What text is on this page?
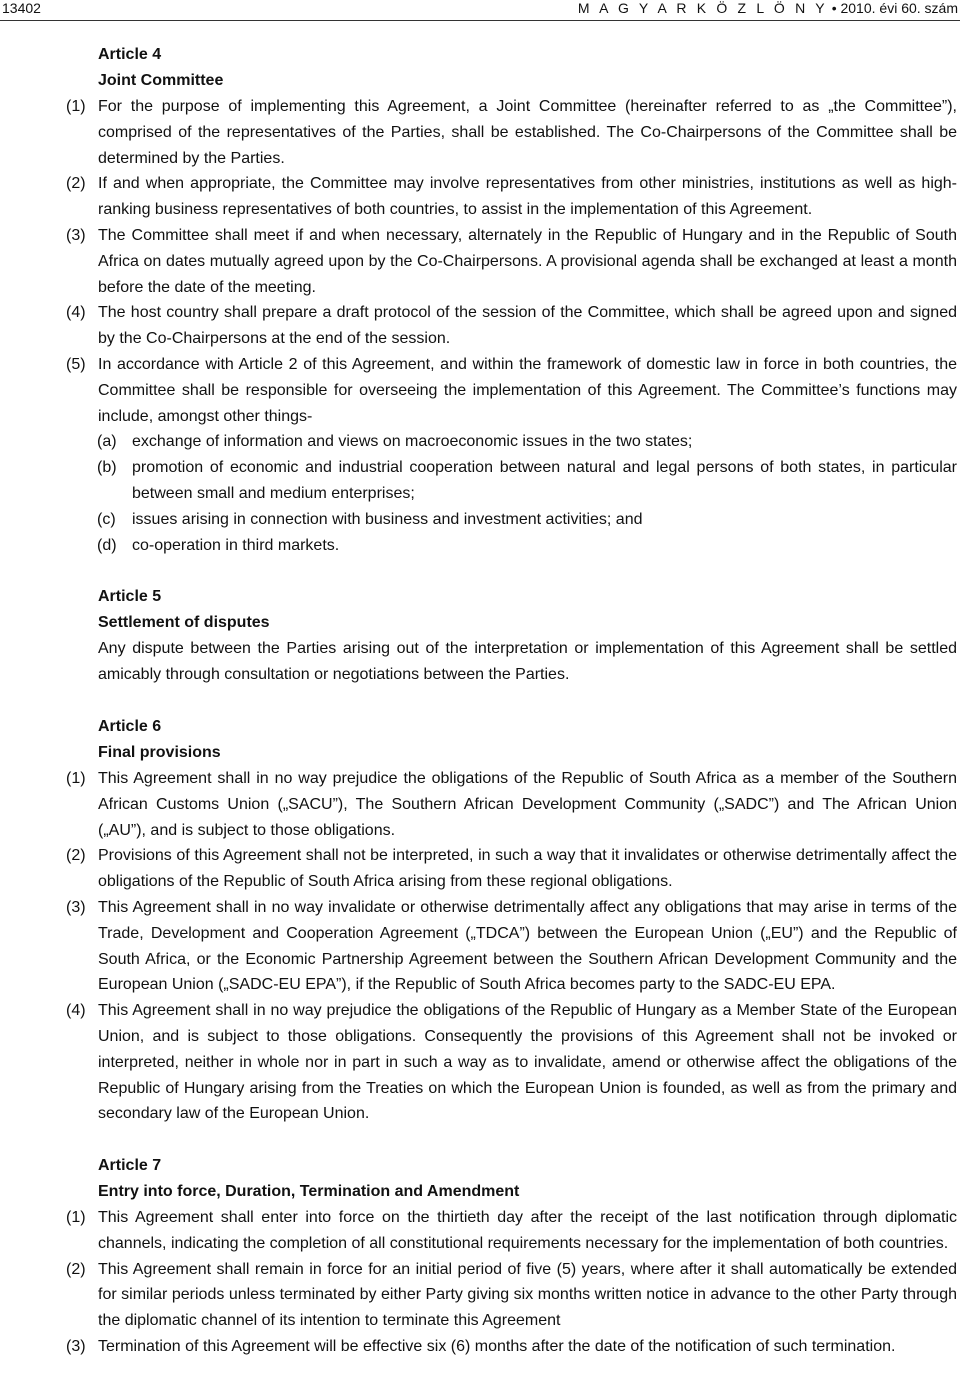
13402	M A G Y A R K Ö Z L Ö N Y • 2010. évi 60. szám
Article 4
Joint Committee
(1) For the purpose of implementing this Agreement, a Joint Committee (hereinafter referred to as „the Committee”), comprised of the representatives of the Parties, shall be established. The Co-Chairpersons of the Committee shall be determined by the Parties.
(2) If and when appropriate, the Committee may involve representatives from other ministries, institutions as well as high-ranking business representatives of both countries, to assist in the implementation of this Agreement.
(3) The Committee shall meet if and when necessary, alternately in the Republic of Hungary and in the Republic of South Africa on dates mutually agreed upon by the Co-Chairpersons. A provisional agenda shall be exchanged at least a month before the date of the meeting.
(4) The host country shall prepare a draft protocol of the session of the Committee, which shall be agreed upon and signed by the Co-Chairpersons at the end of the session.
(5) In accordance with Article 2 of this Agreement, and within the framework of domestic law in force in both countries, the Committee shall be responsible for overseeing the implementation of this Agreement. The Committee’s functions may include, amongst other things-
(a) exchange of information and views on macroeconomic issues in the two states;
(b) promotion of economic and industrial cooperation between natural and legal persons of both states, in particular between small and medium enterprises;
(c) issues arising in connection with business and investment activities; and
(d) co-operation in third markets.
Article 5
Settlement of disputes
Any dispute between the Parties arising out of the interpretation or implementation of this Agreement shall be settled amicably through consultation or negotiations between the Parties.
Article 6
Final provisions
(1) This Agreement shall in no way prejudice the obligations of the Republic of South Africa as a member of the Southern African Customs Union („SACU”), The Southern African Development Community („SADC”) and The African Union („AU”), and is subject to those obligations.
(2) Provisions of this Agreement shall not be interpreted, in such a way that it invalidates or otherwise detrimentally affect the obligations of the Republic of South Africa arising from these regional obligations.
(3) This Agreement shall in no way invalidate or otherwise detrimentally affect any obligations that may arise in terms of the Trade, Development and Cooperation Agreement („TDCA”) between the European Union („EU”) and the Republic of South Africa, or the Economic Partnership Agreement between the Southern African Development Community and the European Union („SADC-EU EPA”), if the Republic of South Africa becomes party to the SADC-EU EPA.
(4) This Agreement shall in no way prejudice the obligations of the Republic of Hungary as a Member State of the European Union, and is subject to those obligations. Consequently the provisions of this Agreement shall not be invoked or interpreted, neither in whole nor in part in such a way as to invalidate, amend or otherwise affect the obligations of the Republic of Hungary arising from the Treaties on which the European Union is founded, as well as from the primary and secondary law of the European Union.
Article 7
Entry into force, Duration, Termination and Amendment
(1) This Agreement shall enter into force on the thirtieth day after the receipt of the last notification through diplomatic channels, indicating the completion of all constitutional requirements necessary for the implementation of both countries.
(2) This Agreement shall remain in force for an initial period of five (5) years, where after it shall automatically be extended for similar periods unless terminated by either Party giving six months written notice in advance to the other Party through the diplomatic channel of its intention to terminate this Agreement
(3) Termination of this Agreement will be effective six (6) months after the date of the notification of such termination.
